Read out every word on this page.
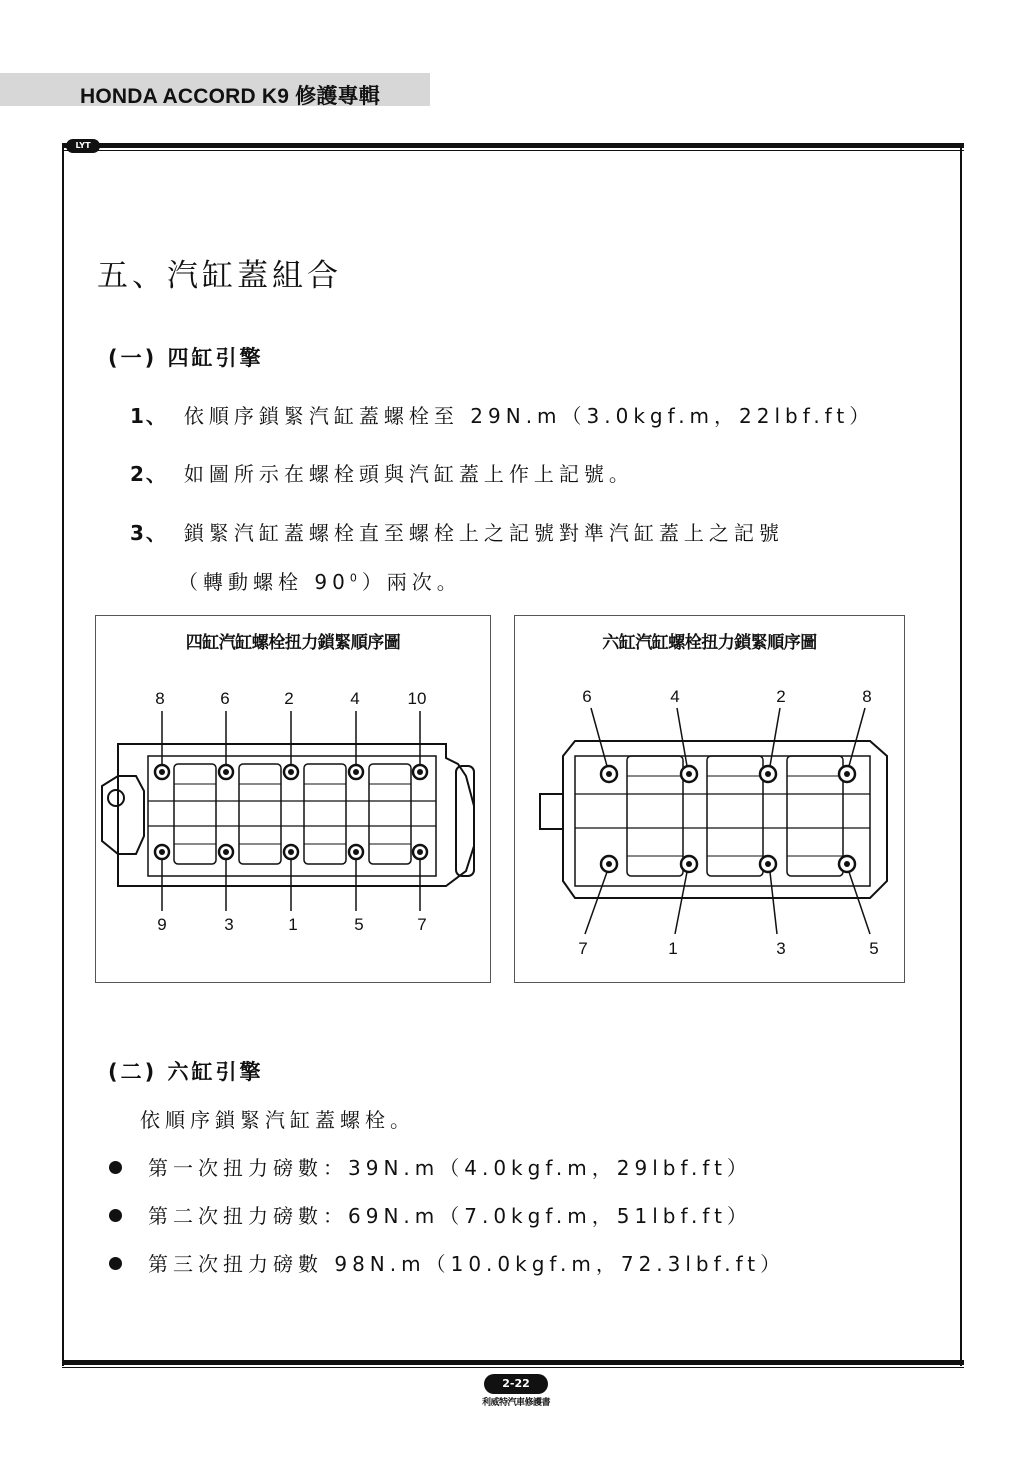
HONDA ACCORD K9 修護專輯
LYT
五、汽缸蓋組合
(一) 四缸引擎
1、 依順序鎖緊汽缸蓋螺栓至 29N.m（3.0kgf.m，22lbf.ft）
2、 如圖所示在螺栓頭與汽缸蓋上作上記號。
3、 鎖緊汽缸蓋螺栓直至螺栓上之記號對準汽缸蓋上之記號
（轉動螺栓 $90^0$）兩次。
四缸汽缸螺栓扭力鎖緊順序圖
8	6	2	4	10
9	3	1	5	7
六缸汽缸螺栓扭力鎖緊順序圖
6	4	2	8
7	1	3	5
(二) 六缸引擎
依順序鎖緊汽缸蓋螺栓。
第一次扭力磅數：39N.m（4.0kgf.m，29lbf.ft）
第二次扭力磅數：69N.m（7.0kgf.m，51lbf.ft）
第三次扭力磅數 98N.m（10.0kgf.m，72.3lbf.ft）
2-22
利威特汽車修護書
